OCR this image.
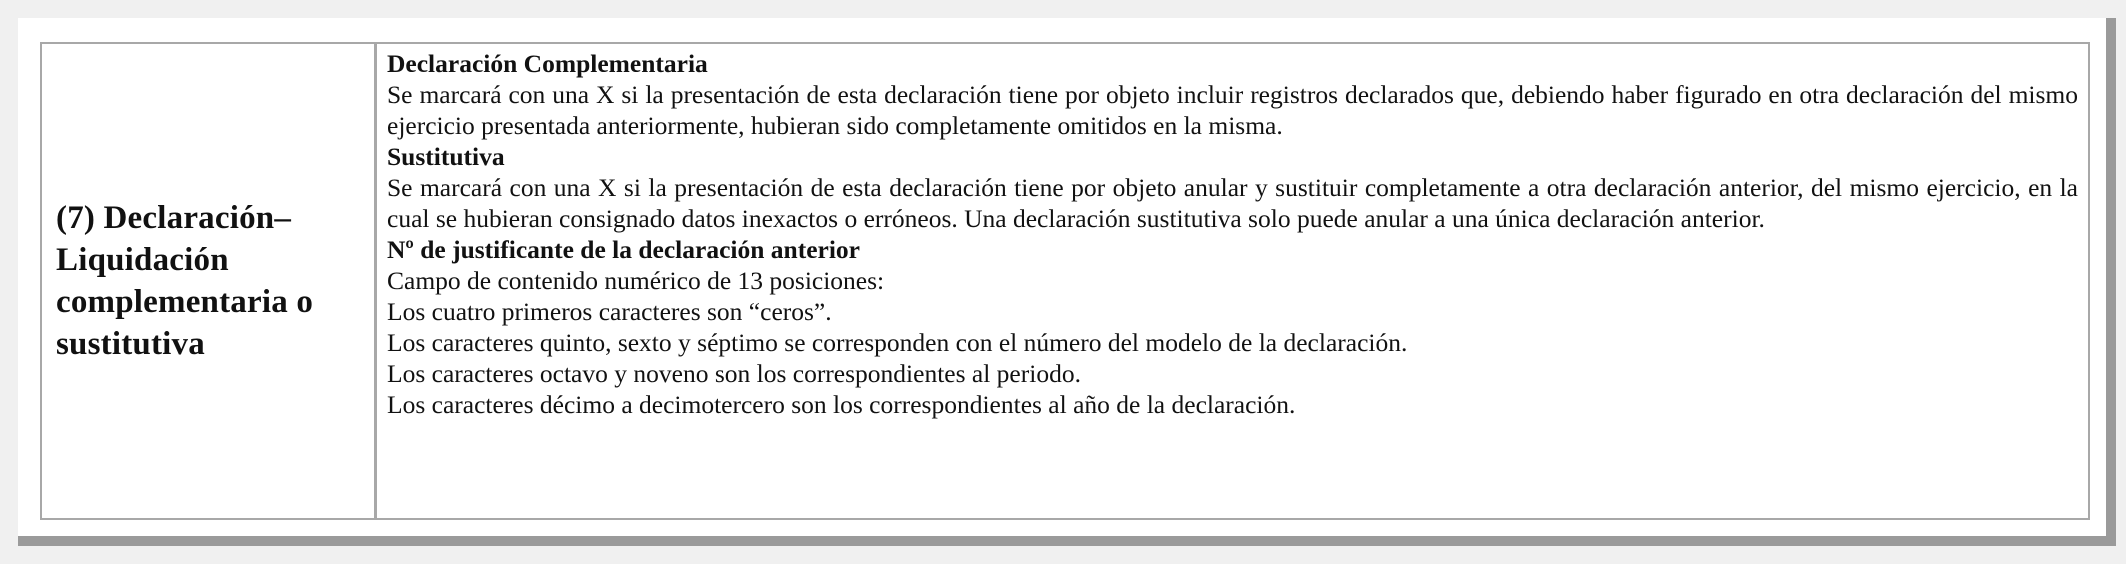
(7) Declaración–Liquidación complementaria o sustitutiva
Declaración Complementaria
Se marcará con una X si la presentación de esta declaración tiene por objeto incluir registros declarados que, debiendo haber figurado en otra declaración del mismo ejercicio presentada anteriormente, hubieran sido completamente omitidos en la misma.
Sustitutiva
Se marcará con una X si la presentación de esta declaración tiene por objeto anular y sustituir completamente a otra declaración anterior, del mismo ejercicio, en la cual se hubieran consignado datos inexactos o erróneos. Una declaración sustitutiva solo puede anular a una única declaración anterior.
Nº de justificante de la declaración anterior
Campo de contenido numérico de 13 posiciones:
Los cuatro primeros caracteres son “ceros”.
Los caracteres quinto, sexto y séptimo se corresponden con el número del modelo de la declaración.
Los caracteres octavo y noveno son los correspondientes al periodo.
Los caracteres décimo a decimotercero son los correspondientes al año de la declaración.
